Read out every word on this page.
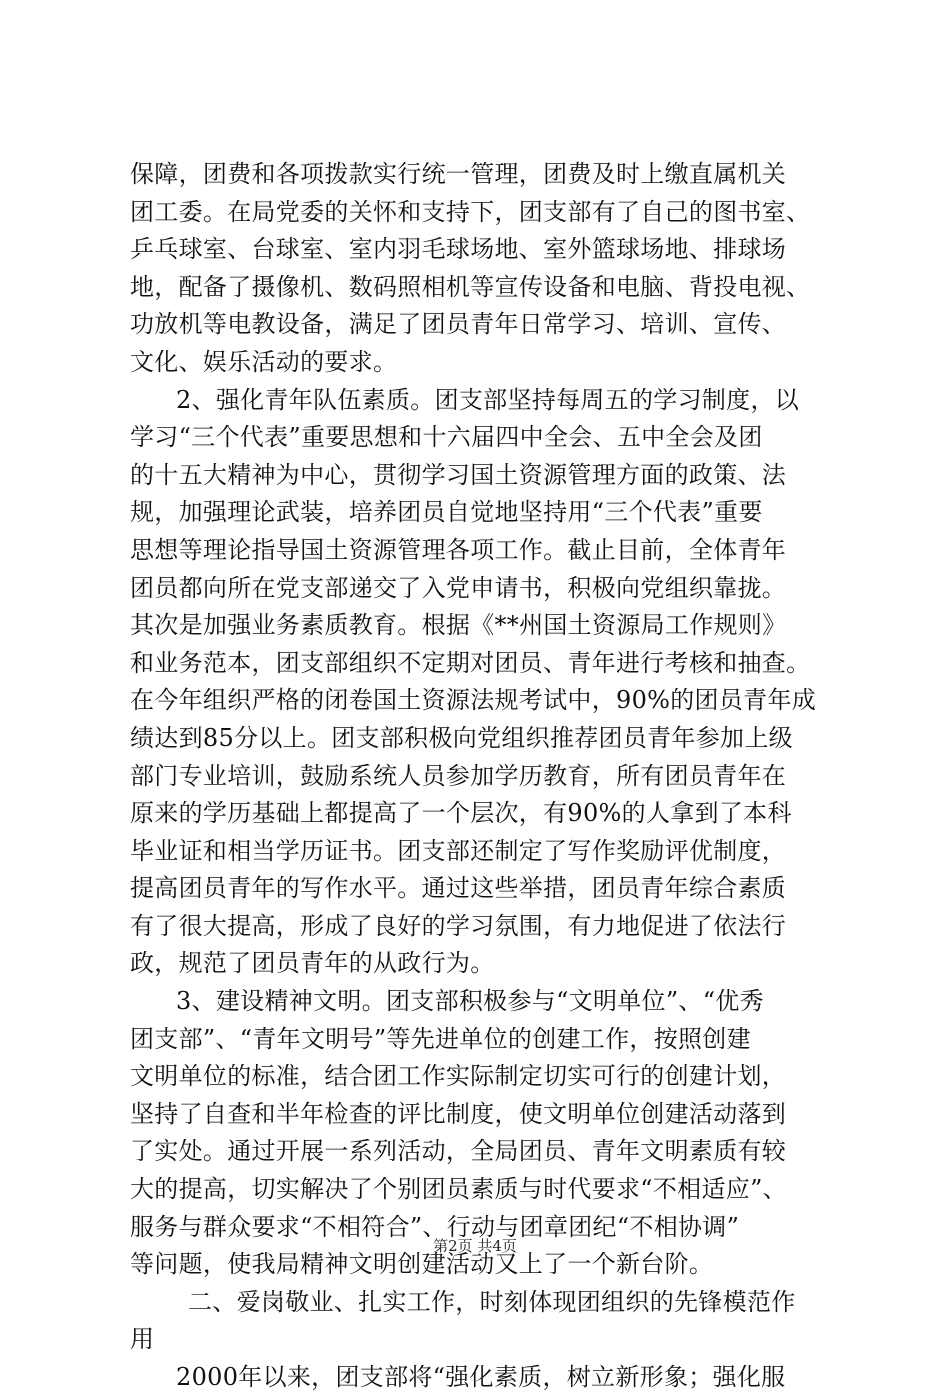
保障，团费和各项拨款实行统一管理，团费及时上缴直属机关
团工委。在局党委的关怀和支持下，团支部有了自己的图书室、
乒乓球室、台球室、室内羽毛球场地、室外篮球场地、排球场
地，配备了摄像机、数码照相机等宣传设备和电脑、背投电视、
功放机等电教设备，满足了团员青年日常学习、培训、宣传、
文化、娱乐活动的要求。
2、强化青年队伍素质。团支部坚持每周五的学习制度，以
学习“三个代表”重要思想和十六届四中全会、五中全会及团
的十五大精神为中心，贯彻学习国土资源管理方面的政策、法
规，加强理论武装，培养团员自觉地坚持用“三个代表”重要
思想等理论指导国土资源管理各项工作。截止目前，全体青年
团员都向所在党支部递交了入党申请书，积极向党组织靠拢。
其次是加强业务素质教育。根据《**州国土资源局工作规则》
和业务范本，团支部组织不定期对团员、青年进行考核和抽查。
在今年组织严格的闭卷国土资源法规考试中，90%的团员青年成
绩达到85分以上。团支部积极向党组织推荐团员青年参加上级
部门专业培训，鼓励系统人员参加学历教育，所有团员青年在
原来的学历基础上都提高了一个层次，有90%的人拿到了本科
毕业证和相当学历证书。团支部还制定了写作奖励评优制度，
提高团员青年的写作水平。通过这些举措，团员青年综合素质
有了很大提高，形成了良好的学习氛围，有力地促进了依法行
政，规范了团员青年的从政行为。
3、建设精神文明。团支部积极参与“文明单位”、“优秀
团支部”、“青年文明号”等先进单位的创建工作，按照创建
文明单位的标准，结合团工作实际制定切实可行的创建计划，
坚持了自查和半年检查的评比制度，使文明单位创建活动落到
了实处。通过开展一系列活动，全局团员、青年文明素质有较
大的提高，切实解决了个别团员素质与时代要求“不相适应”、
服务与群众要求“不相符合”、行动与团章团纪“不相协调”
等问题，使我局精神文明创建活动又上了一个新台阶。
二、爱岗敬业、扎实工作，时刻体现团组织的先锋模范作
用
2000年以来，团支部将“强化素质，树立新形象；强化服
第2页 共4页
